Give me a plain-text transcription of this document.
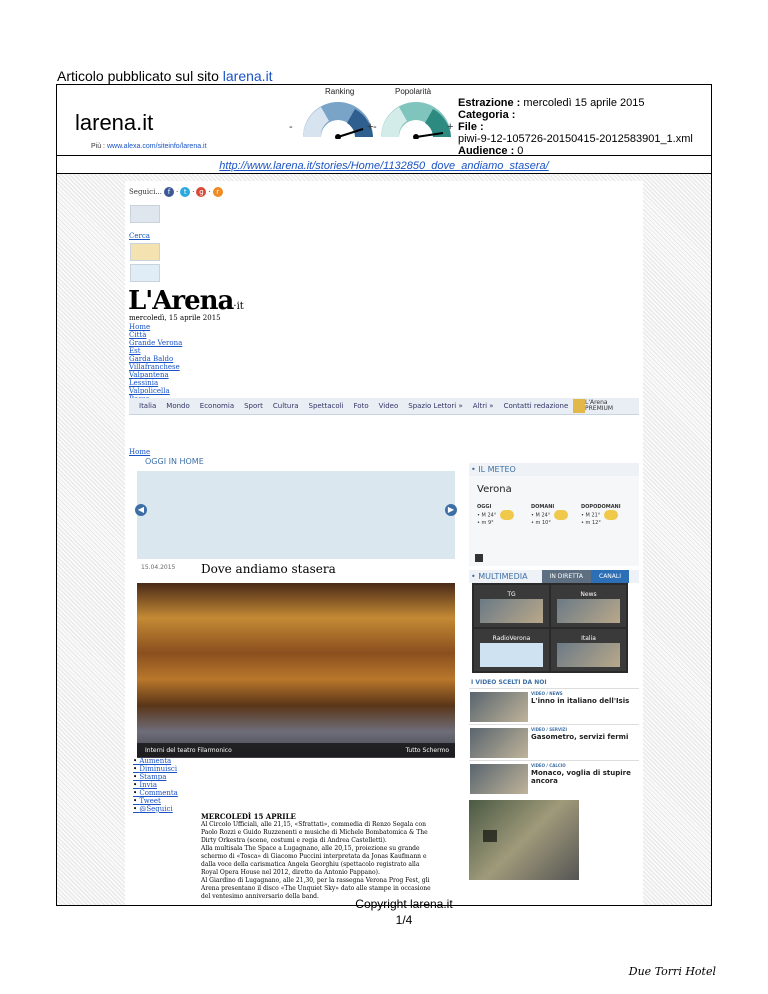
Articolo pubblicato sul sito larena.it
larena.it
Più : www.alexa.com/siteinfo/larena.it
Ranking
-	+
Popolarità
-	+
Estrazione : mercoledì 15 aprile 2015
Categoria :
File :
piwi-9-12-105726-20150415-2012583901_1.xml
Audience : 0
http://www.larena.it/stories/Home/1132850_dove_andiamo_stasera/
Seguici... f · t · g · r
Cerca
L'Arena·it
mercoledì, 15 aprile 2015
Home
Città
Grande Verona
Est
Garda Baldo
Villafranchese
Valpantena
Lessinia
Valpolicella
Italia Mondo Economia Sport Cultura Spettacoli Foto Video Spazio Lettori » Altri » Contatti redazione	L'Arena PREMIUM
Home
OGGI IN HOME
◀	▶
15.04.2015 Dove andiamo stasera
Interni del teatro Filarmonico	Tutto Schermo
• Aumenta
• Diminuisci
• Stampa
• Invia
• Commenta
• Tweet
• @Seguici
MERCOLEDÌ 15 APRILE
Al Circolo Ufficiali, alle 21,15, «Sfrattati», commedia di Renzo Segala con
Paolo Rozzi e Guido Ruzzenenti e musiche di Michele Bombatomica & The
Dirty Orkestra (scene, costumi e regia di Andrea Castelletti).
Alla multisala The Space a Lugagnano, alle 20,15, proiezione su grande
schermo di «Tosca» di Giacomo Puccini interpretata da Jonas Kaufmann e
dalla voce della carismatica Angela Georghiu (spettacolo registrato alla
Royal Opera House nel 2012, diretto da Antonio Pappano).
Al Giardino di Lugagnano, alle 21,30, per la rassegna Verona Prog Fest, gli
Arena presentano il disco «The Unquiet Sky» dato alle stampe in occasione
del ventesimo anniversario della band.
• IL METEO
Verona
OGGI
• M 24°
• m 9°
DOMANI
• M 24°
• m 10°
DOPODOMANI
• M 21°
• m 12°
• MULTIMEDIA	IN DIRETTA	CANALI
TG	News
RadioVerona	Italia
I VIDEO SCELTI DA NOI
VIDEO / NEWS
L'inno in italiano dell'Isis
VIDEO / SERVIZI
Gasometro, servizi fermi
VIDEO / CALCIO
Monaco, voglia di stupire ancora
Copyright larena.it
1/4
Due Torri Hotel
